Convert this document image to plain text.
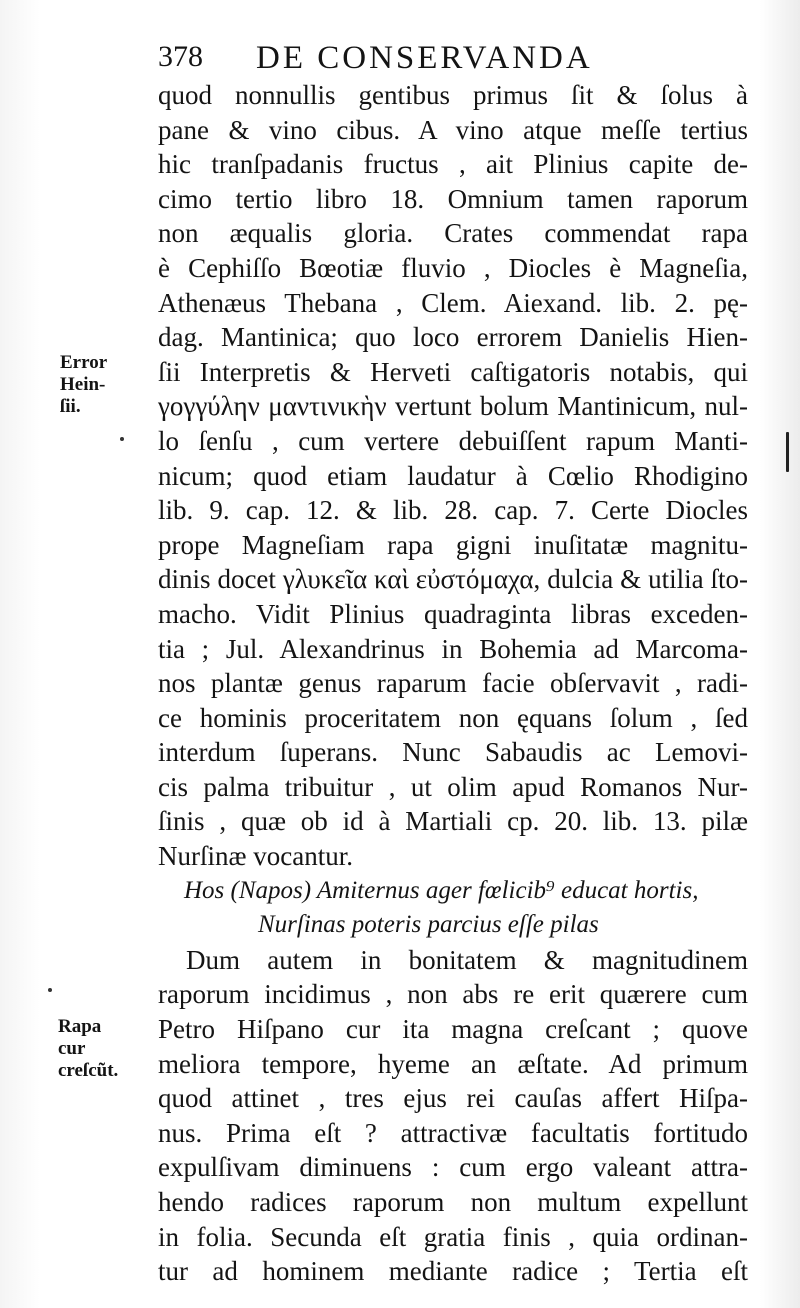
378 DE CONSERVANDA
quod nonnullis gentibus primus ſit & ſolus à
pane & vino cibus. A vino atque meſſe tertius
hic tranſpadanis fructus , ait Plinius capite de-
cimo tertio libro 18. Omnium tamen raporum
non æqualis gloria. Crates commendat rapa
è Cephiſſo Bœotiæ fluvio , Diocles è Magneſia,
Athenæus Thebana , Clem. Aiexand. lib. 2. pę-
dag. Mantinica; quo loco errorem Danielis Hien-
ſii Interpretis & Herveti caſtigatoris notabis, qui
γογγύλην μαντινικὴν vertunt bolum Mantinicum, nul-
lo ſenſu , cum vertere debuiſſent rapum Manti-
nicum; quod etiam laudatur à Cœlio Rhodigino
lib. 9. cap. 12. & lib. 28. cap. 7. Certe Diocles
prope Magneſiam rapa gigni inuſitatæ magnitu-
dinis docet γλυκεῖα καὶ εὐστόμαχα, dulcia & utilia ſto-
macho. Vidit Plinius quadraginta libras exceden-
tia ; Jul. Alexandrinus in Bohemia ad Marcoma-
nos plantæ genus raparum facie obſervavit , radi-
ce hominis proceritatem non ęquans ſolum , ſed
interdum ſuperans. Nunc Sabaudis ac Lemovi-
cis palma tribuitur , ut olim apud Romanos Nur-
ſinis , quæ ob id à Martiali cp. 20. lib. 13. pilæ
Nurſinæ vocantur.
Hos (Napos) Amiternus ager fœlicib⁹ educat hortis,
Nurſinas poteris parcius eſſe pilas
Dum autem in bonitatem & magnitudinem
raporum incidimus , non abs re erit quærere cum
Petro Hiſpano cur ita magna creſcant ; quove
meliora tempore, hyeme an æſtate. Ad primum
quod attinet , tres ejus rei cauſas affert Hiſpa-
nus. Prima eſt ? attractivæ facultatis fortitudo
expulſivam diminuens : cum ergo valeant attra-
hendo radices raporum non multum expellunt
in folia. Secunda eſt gratia finis , quia ordinan-
tur ad hominem mediante radice ; Tertia eſt
Error
Hein-
ſii.
Rapa
cur
creſcũt.
